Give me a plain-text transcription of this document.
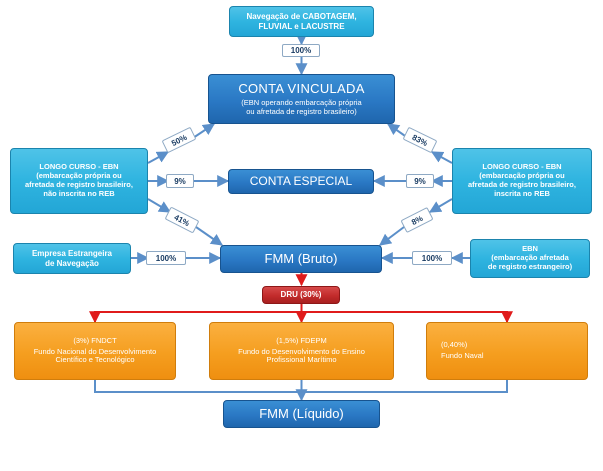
Navegação de CABOTAGEM,
FLUVIAL e LACUSTRE
CONTA VINCULADA
(EBN operando embarcação própria
ou afretada de registro brasileiro)
LONGO CURSO - EBN
(embarcação própria ou
afretada de registro brasileiro,
não inscrita no REB
LONGO CURSO - EBN
(embarcação própria ou
afretada de registro brasileiro,
inscrita no REB
CONTA ESPECIAL
Empresa Estrangeira
de Navegação
EBN
(embarcação afretada
de registro estrangeiro)
FMM (Bruto)
DRU (30%)
(3%) FNDCT
Fundo Nacional do Desenvolvimento
Científico e Tecnológico
(1,5%) FDEPM
Fundo do Desenvolvimento do Ensino
Profissional Marítimo
(0,40%)
Fundo Naval
FMM (Líquido)
100%
50%	83%
9%	9%
41%	8%
100%	100%
